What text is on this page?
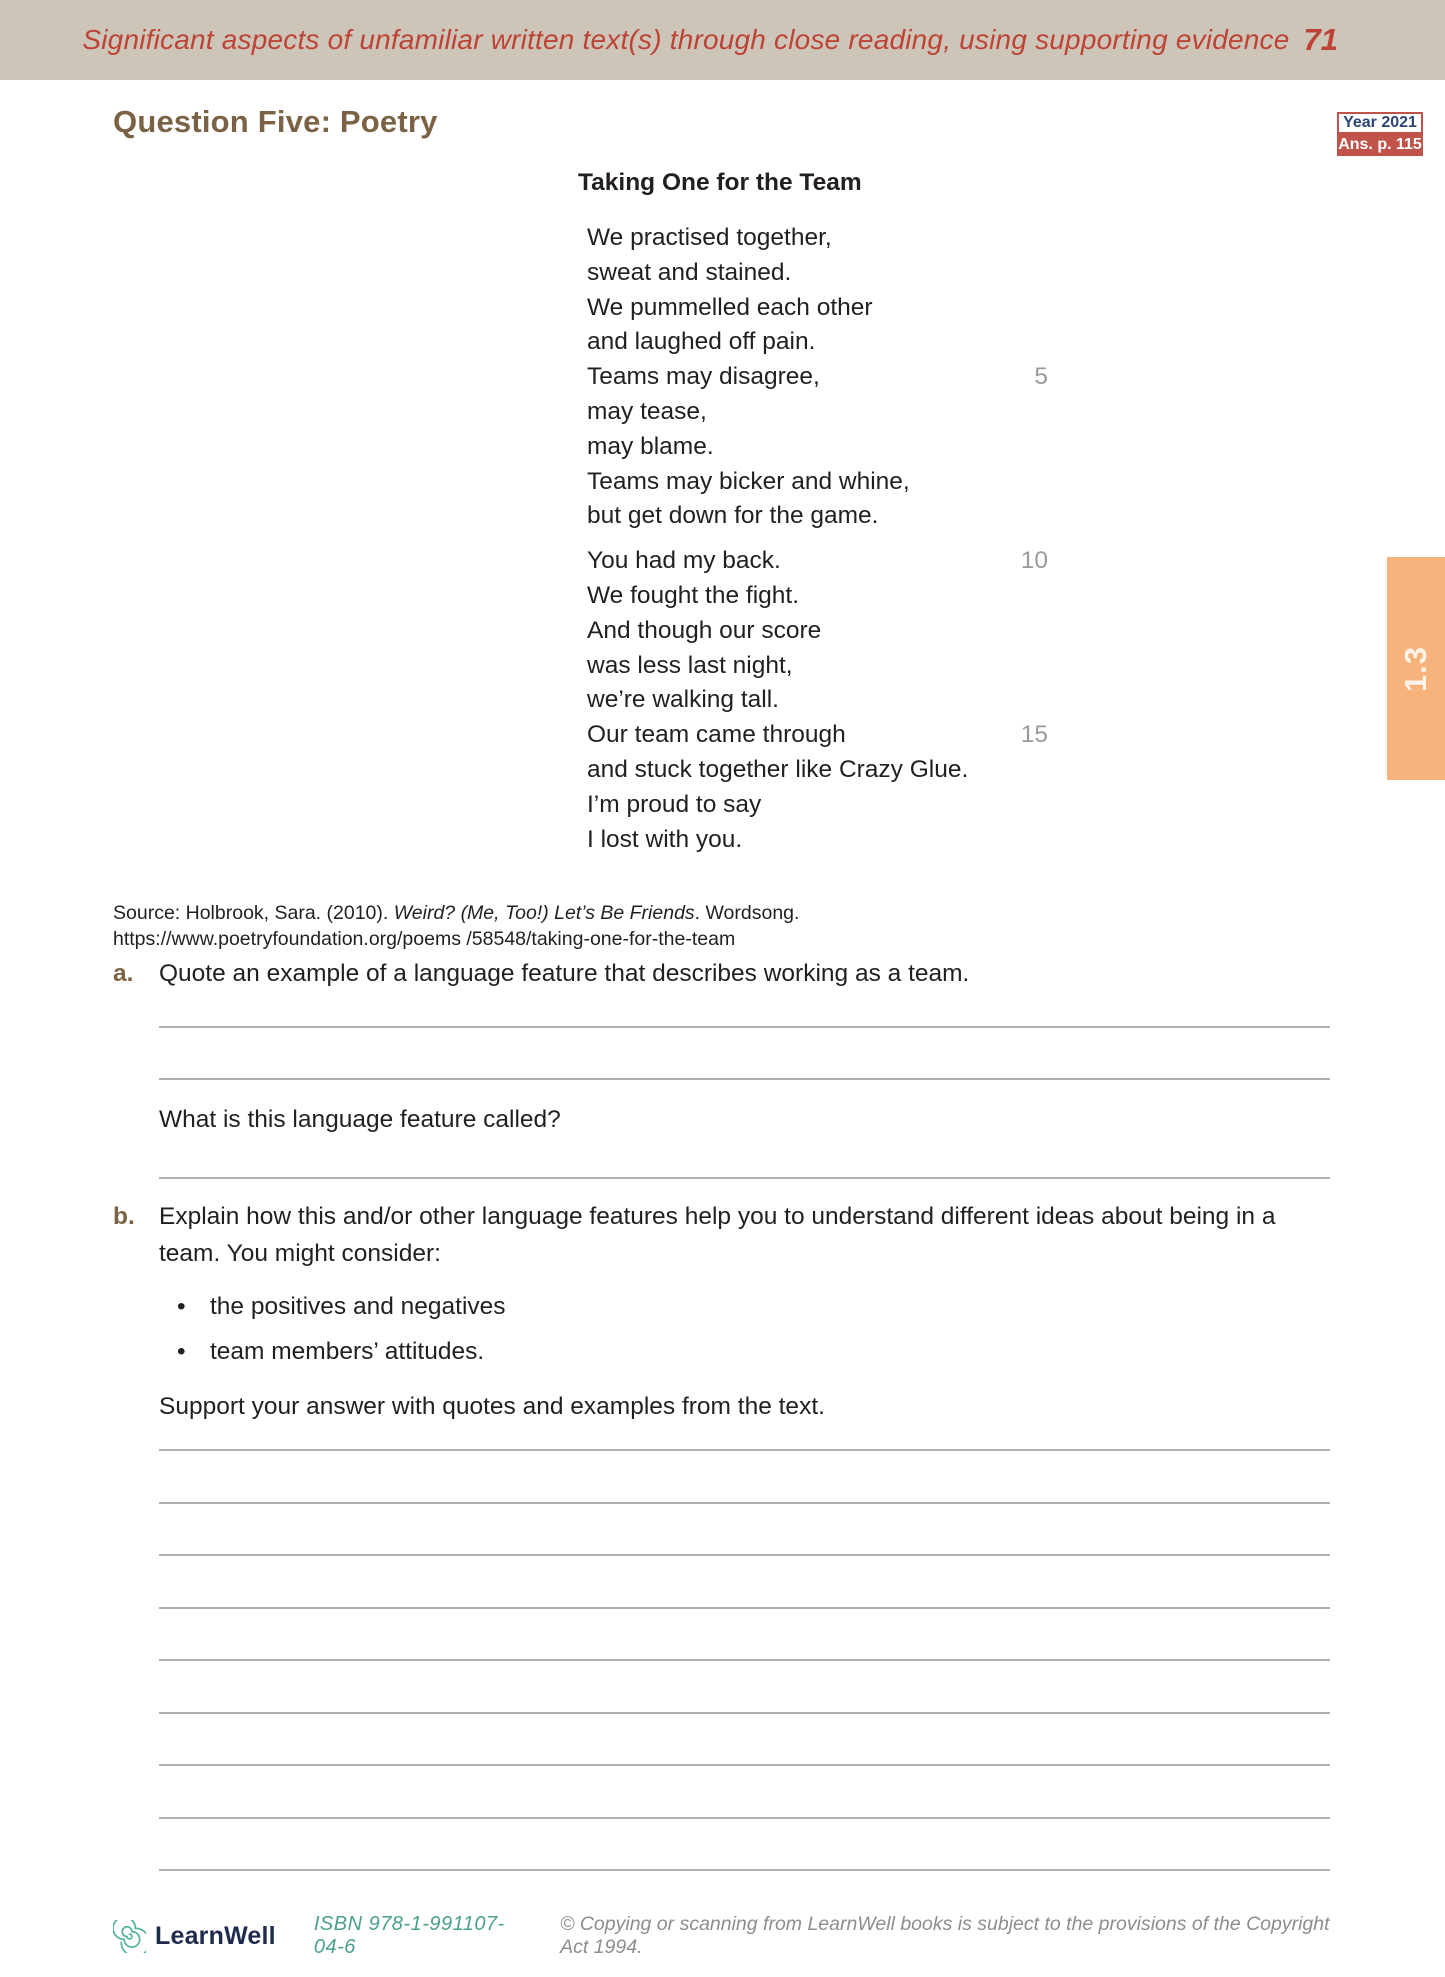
Significant aspects of unfamiliar written text(s) through close reading, using supporting evidence 71
Question Five: Poetry	Year 2021
Ans. p. 115
Taking One for the Team
We practised together,
sweat and stained.
We pummelled each other
and laughed off pain.
Teams may disagree,	5
may tease,
may blame.
Teams may bicker and whine,
but get down for the game.
You had my back.	10
We fought the fight.
And though our score
was less last night,
we’re walking tall.
Our team came through	15
and stuck together like Crazy Glue.
I’m proud to say
I lost with you.
Source: Holbrook, Sara. (2010). Weird? (Me, Too!) Let’s Be Friends. Wordsong.
https://www.poetryfoundation.org/poems /58548/taking-one-for-the-team
a.	Quote an example of a language feature that describes working as a team.
What is this language feature called?
b. Explain how this and/or other language features help you to understand different ideas about being in a team. You might consider:
• the positives and negatives
• team members’ attitudes.
Support your answer with quotes and examples from the text.
1.3
LearnWell ISBN 978-1-991107-04-6
© Copying or scanning from LearnWell books is subject to the provisions of the Copyright Act 1994.
